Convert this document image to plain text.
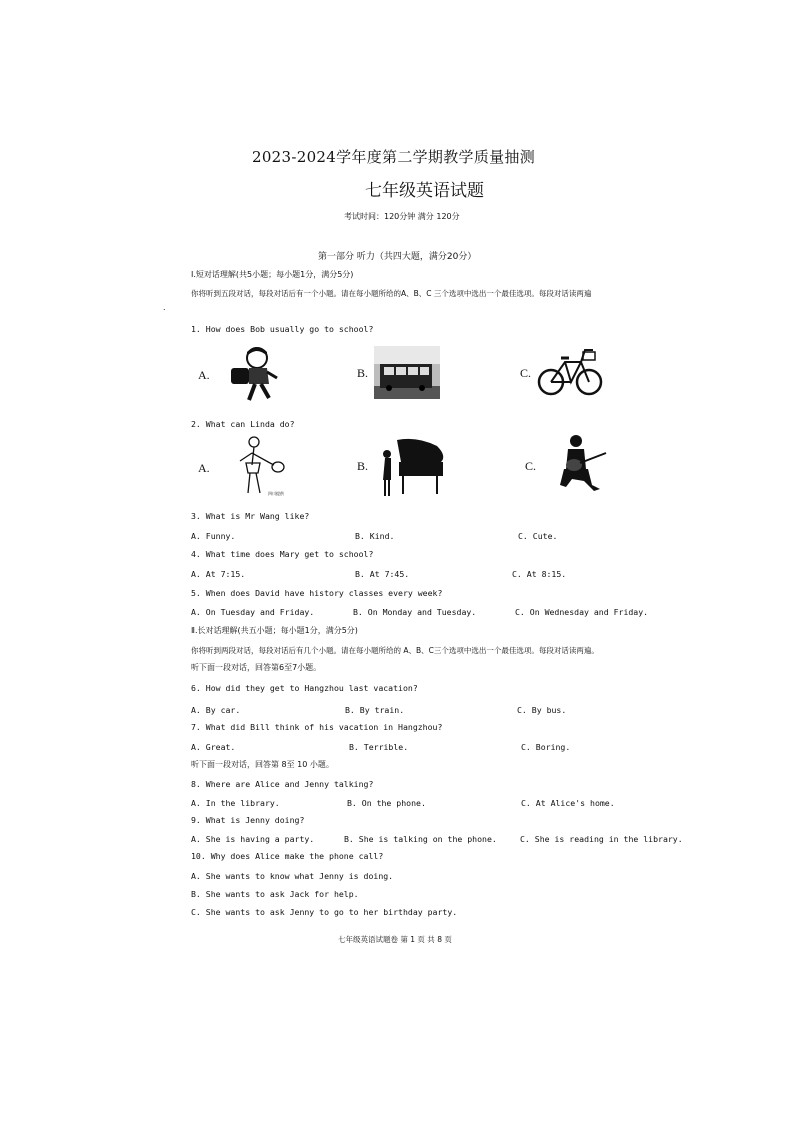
2023-2024学年度第二学期教学质量抽测
七年级英语试题
考试时间：120分钟 满分 120分
第一部分 听力（共四大题，满分20分）
Ⅰ.短对话理解(共5小题；每小题1分，满分5分)
你将听到五段对话，每段对话后有一个小题。请在每小题所给的A、B、C 三个选项中选出一个最佳选项。每段对话读两遍
.
1. How does Bob usually go to school?
A.	B.	C.
2. What can Linda do?
A.	B.	C.
四川提供
3. What is Mr Wang like?
A. Funny.	B. Kind.	C. Cute.
4. What time does Mary get to school?
A. At 7:15.	B. At 7:45.	C. At 8:15.
5. When does David have history classes every week?
A. On Tuesday and Friday.	B. On Monday and Tuesday.	C. On Wednesday and Friday.
Ⅱ.长对话理解(共五小题；每小题1分，满分5分)
你将听到两段对话，每段对话后有几个小题。请在每小题所给的 A、B、C三个选项中选出一个最佳选项。每段对话读两遍。
听下面一段对话，回答第6至7小题。
6. How did they get to Hangzhou last vacation?
A. By car.	B. By train.	C. By bus.
7. What did Bill think of his vacation in Hangzhou?
A. Great.	B. Terrible.	C. Boring.
听下面一段对话，回答第 8至 10 小题。
8. Where are Alice and Jenny talking?
A. In the library.	B. On the phone.	C. At Alice's home.
9. What is Jenny doing?
A. She is having a party.	B. She is talking on the phone.	C. She is reading in the library.
10. Why does Alice make the phone call?
A. She wants to know what Jenny is doing.
B. She wants to ask Jack for help.
C. She wants to ask Jenny to go to her birthday party.
七年级英语试题卷 第 1 页 共 8 页
